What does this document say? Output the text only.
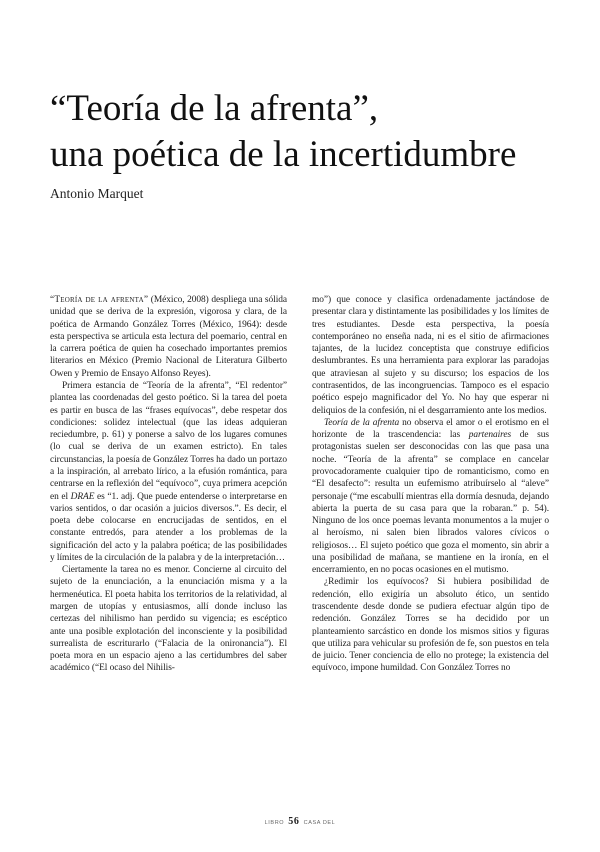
“Teoría de la afrenta”,
una poética de la incertidumbre
Antonio Marquet

“Teoría de la afrenta” (México, 2008) despliega una sólida unidad que se deriva de la expresión, vigorosa y clara, de la poética de Armando González Torres (México, 1964): desde esta perspectiva se articula esta lectura del poemario, central en la carrera poética de quien ha cosechado importantes premios literarios en México (Premio Nacional de Literatura Gilberto Owen y Premio de Ensayo Alfonso Reyes).

Primera estancia de “Teoría de la afrenta”, “El redentor” plantea las coordenadas del gesto poético. Si la tarea del poeta es partir en busca de las “frases equívocas”, debe respetar dos condiciones: solidez intelectual (que las ideas adquieran reciedumbre, p. 61) y ponerse a salvo de los lugares comunes (lo cual se deriva de un examen estricto). En tales circunstancias, la poesía de González Torres ha dado un portazo a la inspiración, al arrebato lírico, a la efusión romántica, para centrarse en la reflexión del “equívoco”, cuya primera acepción en el DRAE es “1. adj. Que puede entenderse o interpretarse en varios sentidos, o dar ocasión a juicios diversos.”. Es decir, el poeta debe colocarse en encrucijadas de sentidos, en el constante entredós, para atender a los problemas de la significación del acto y la palabra poética; de las posibilidades y límites de la circulación de la palabra y de la interpretación…

Ciertamente la tarea no es menor. Concierne al circuito del sujeto de la enunciación, a la enunciación misma y a la hermenéutica. El poeta habita los territorios de la relatividad, al margen de utopías y entusiasmos, allí donde incluso las certezas del nihilismo han perdido su vigencia; es escéptico ante una posible explotación del inconsciente y la posibilidad surrealista de escriturarlo (“Falacia de la onironancia”). El poeta mora en un espacio ajeno a las certidumbres del saber académico (“El ocaso del Nihilis-

mo”) que conoce y clasifica ordenadamente jactándose de presentar clara y distintamente las posibilidades y los límites de tres estudiantes. Desde esta perspectiva, la poesía contemporáneo no enseña nada, ni es el sitio de afirmaciones tajantes, de la lucidez conceptista que construye edificios deslumbrantes. Es una herramienta para explorar las paradojas que atraviesan al sujeto y su discurso; los espacios de los contrasentidos, de las incongruencias. Tampoco es el espacio poético espejo magnificador del Yo. No hay que esperar ni deliquios de la confesión, ni el desgarramiento ante los medios.

Teoría de la afrenta no observa el amor o el erotismo en el horizonte de la trascendencia: las partenaires de sus protagonistas suelen ser desconocidas con las que pasa una noche. “Teoría de la afrenta” se complace en cancelar provocadoramente cualquier tipo de romanticismo, como en “El desafecto”: resulta un eufemismo atribuírselo al “aleve” personaje (“me escabullí mientras ella dormía desnuda, dejando abierta la puerta de su casa para que la robaran.” p. 54). Ninguno de los once poemas levanta monumentos a la mujer o al heroísmo, ni salen bien librados valores cívicos o religiosos… El sujeto poético que goza el momento, sin abrir a una posibilidad de mañana, se mantiene en la ironía, en el encerramiento, en no pocas ocasiones en el mutismo.

¿Redimir los equívocos? Si hubiera posibilidad de redención, ello exigiría un absoluto ético, un sentido trascendente desde donde se pudiera efectuar algún tipo de redención. González Torres se ha decidido por un planteamiento sarcástico en donde los mismos sitios y figuras que utiliza para vehicular su profesión de fe, son puestos en tela de juicio. Tener conciencia de ello no protege; la existencia del equívoco, impone humildad. Con González Torres no

LIBRO 56 CASA DEL
